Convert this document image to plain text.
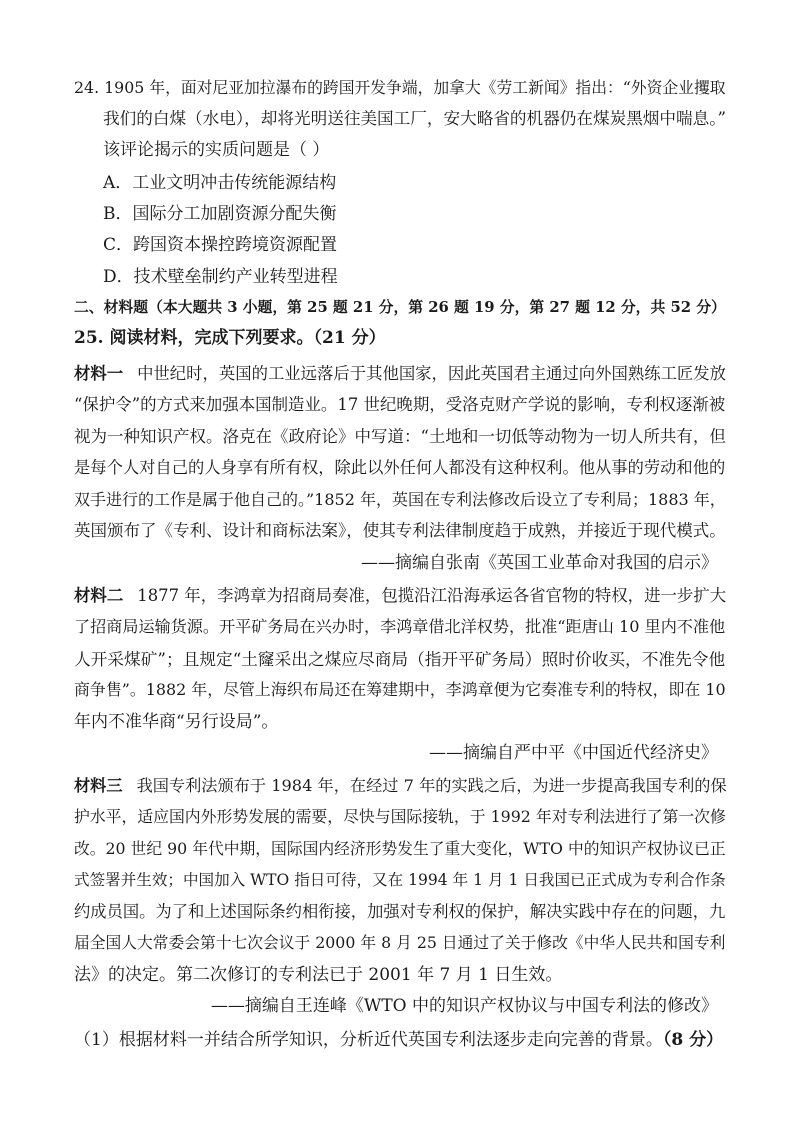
24. 1905 年，面对尼亚加拉瀑布的跨国开发争端，加拿大《劳工新闻》指出：“外资企业攫取
我们的白煤（水电），却将光明送往美国工厂，安大略省的机器仍在煤炭黑烟中喘息。”
该评论揭示的实质问题是（ ）
A．工业文明冲击传统能源结构
B．国际分工加剧资源分配失衡
C．跨国资本操控跨境资源配置
D．技术壁垒制约产业转型进程
二、材料题（本大题共 3 小题，第 25 题 21 分，第 26 题 19 分，第 27 题 12 分，共 52 分）
25. 阅读材料，完成下列要求。（21 分）
材料一 中世纪时，英国的工业远落后于其他国家，因此英国君主通过向外国熟练工匠发放
“保护令”的方式来加强本国制造业。17 世纪晚期，受洛克财产学说的影响，专利权逐渐被
视为一种知识产权。洛克在《政府论》中写道：“土地和一切低等动物为一切人所共有，但
是每个人对自己的人身享有所有权，除此以外任何人都没有这种权利。他从事的劳动和他的
双手进行的工作是属于他自己的。”1852 年，英国在专利法修改后设立了专利局；1883 年，
英国颁布了《专利、设计和商标法案》，使其专利法律制度趋于成熟，并接近于现代模式。
——摘编自张南《英国工业革命对我国的启示》
材料二 1877 年，李鸿章为招商局奏准，包揽沿江沿海承运各省官物的特权，进一步扩大
了招商局运输货源。开平矿务局在兴办时，李鸿章借北洋权势，批准“距唐山 10 里内不准他
人开采煤矿”；且规定“土窿采出之煤应尽商局（指开平矿务局）照时价收买，不准先令他
商争售”。1882 年，尽管上海织布局还在筹建期中，李鸿章便为它奏准专利的特权，即在 10
年内不准华商“另行设局”。
——摘编自严中平《中国近代经济史》
材料三 我国专利法颁布于 1984 年，在经过 7 年的实践之后，为进一步提高我国专利的保
护水平，适应国内外形势发展的需要，尽快与国际接轨，于 1992 年对专利法进行了第一次修
改。20 世纪 90 年代中期，国际国内经济形势发生了重大变化，WTO 中的知识产权协议已正
式签署并生效；中国加入 WTO 指日可待，又在 1994 年 1 月 1 日我国已正式成为专利合作条
约成员国。为了和上述国际条约相衔接，加强对专利权的保护，解决实践中存在的问题，九
届全国人大常委会第十七次会议于 2000 年 8 月 25 日通过了关于修改《中华人民共和国专利
法》的决定。第二次修订的专利法已于 2001 年 7 月 1 日生效。
——摘编自王连峰《WTO 中的知识产权协议与中国专利法的修改》
（1）根据材料一并结合所学知识，分析近代英国专利法逐步走向完善的背景。（8 分）
